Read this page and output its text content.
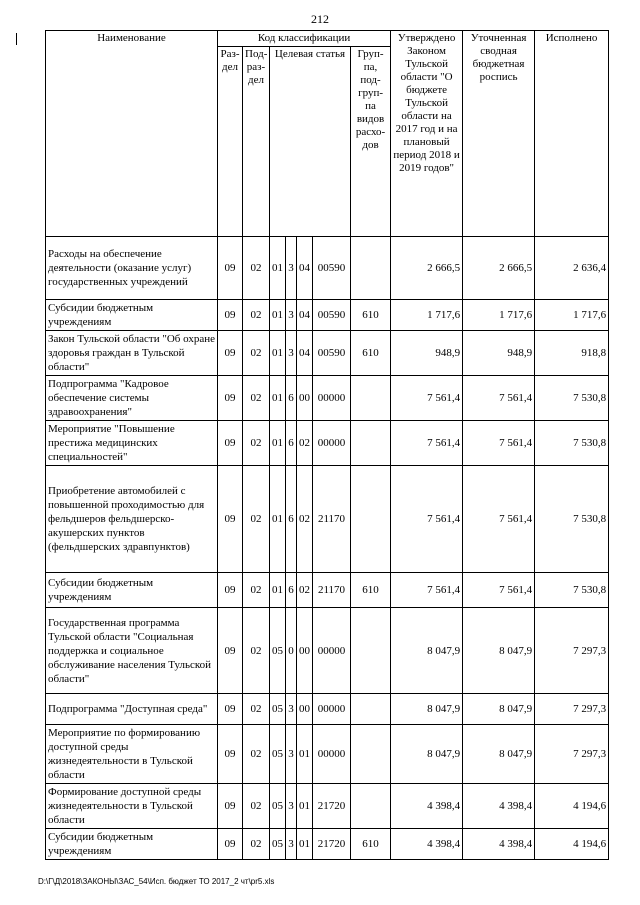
212
Наименование	Код классификации							Утверждено Законом Тульской области "О бюджете Тульской области на 2017 год и на плановый период 2018 и 2019 годов"	Уточненная сводная бюджетная роспись	Исполнено
	Раз- дел	Под- раз- дел	Целевая статья				Груп- па, под- груп- па видов расхо- дов			
Расходы на обеспечение деятельности (оказание услуг) государственных учреждений	09	02	01	3	04	00590		2 666,5	2 666,5	2 636,4
Субсидии бюджетным учреждениям	09	02	01	3	04	00590	610	1 717,6	1 717,6	1 717,6
Закон Тульской области "Об охране здоровья граждан в Тульской области"	09	02	01	3	04	00590	610	948,9	948,9	918,8
Подпрограмма "Кадровое обеспечение системы здравоохранения"	09	02	01	6	00	00000		7 561,4	7 561,4	7 530,8
Мероприятие "Повышение престижа медицинских специальностей"	09	02	01	6	02	00000		7 561,4	7 561,4	7 530,8
Приобретение автомобилей с повышенной проходимостью для фельдшеров фельдшерско-акушерских пунктов (фельдшерских здравпунктов)	09	02	01	6	02	21170		7 561,4	7 561,4	7 530,8
Субсидии бюджетным учреждениям	09	02	01	6	02	21170	610	7 561,4	7 561,4	7 530,8
Государственная программа Тульской области "Социальная поддержка и социальное обслуживание населения Тульской области"	09	02	05	0	00	00000		8 047,9	8 047,9	7 297,3
Подпрограмма "Доступная среда"	09	02	05	3	00	00000		8 047,9	8 047,9	7 297,3
Мероприятие по формированию доступной среды жизнедеятельности в Тульской области	09	02	05	3	01	00000		8 047,9	8 047,9	7 297,3
Формирование доступной среды жизнедеятельности в Тульской области	09	02	05	3	01	21720		4 398,4	4 398,4	4 194,6
Субсидии бюджетным учреждениям	09	02	05	3	01	21720	610	4 398,4	4 398,4	4 194,6
D:\Г\Д\2018\ЗАКОНЫ\ЗАС_54\Исп. бюджет ТО 2017_2 чт\pr5.xls
